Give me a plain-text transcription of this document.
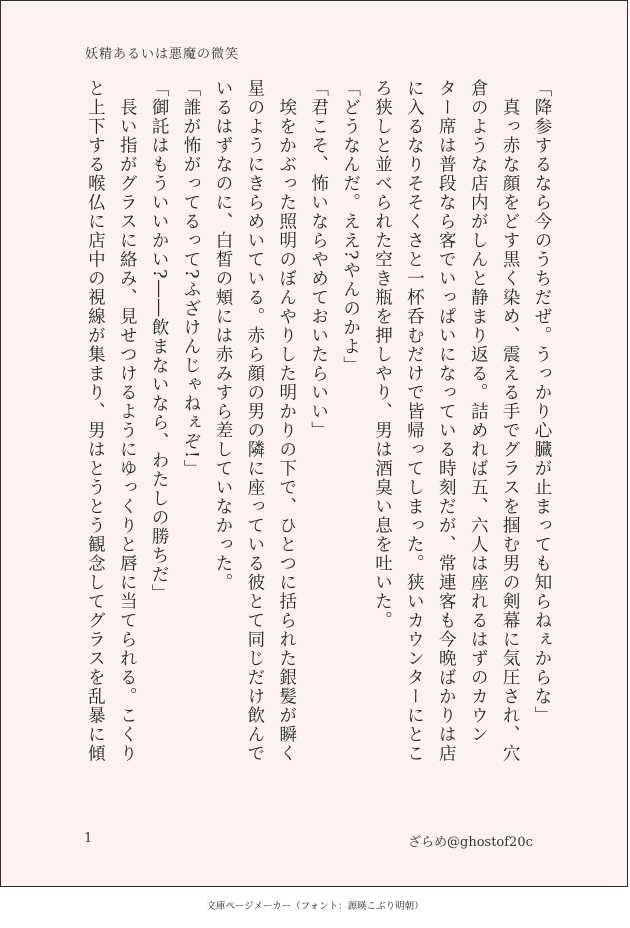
妖精あるいは悪魔の微笑

「降参するなら今のうちだぜ。うっかり心臓が止まっても知らねぇからな」

　真っ赤な顔をどす黒く染め、震える手でグラスを掴む男の剣幕に気圧され、穴

倉のような店内がしんと静まり返る。詰めれば五、六人は座れるはずのカウン

ター席は普段なら客でいっぱいになっている時刻だが、常連客も今晩ばかりは店

に入るなりそそくさと一杯呑むだけで皆帰ってしまった。狭いカウンターにとこ

ろ狭しと並べられた空き瓶を押しやり、男は酒臭い息を吐いた。

「どうなんだ。ええ?やんのかよ」

「君こそ、怖いならやめておいたらいい」

　埃をかぶった照明のぼんやりした明かりの下で、ひとつに括られた銀髪が瞬く

星のようにきらめいている。赤ら顔の男の隣に座っている彼とて同じだけ飲んで

いるはずなのに、白皙の頬には赤みすら差していなかった。

「誰が怖がってるって?ふざけんじゃねぇぞ!」

「御託はもういいかい?――飲まないなら、わたしの勝ちだ」

　長い指がグラスに絡み、見せつけるようにゆっくりと唇に当てられる。こくり

と上下する喉仏に店中の視線が集まり、男はとうとう観念してグラスを乱暴に傾

1	ざらめ@ghostof20c
文庫ページメーカー（フォント：源暎こぶり明朝）
